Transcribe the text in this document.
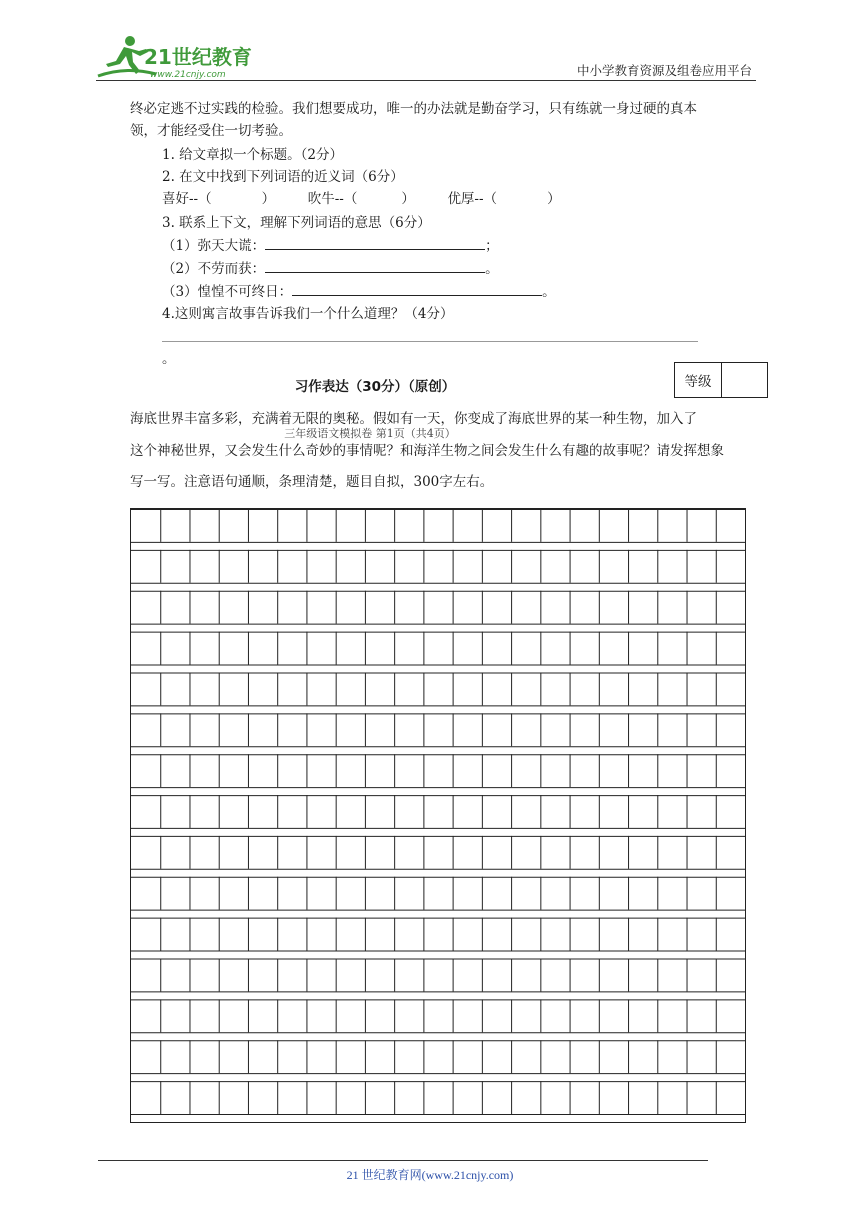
21世纪教育
www.21cnjy.com	中小学教育资源及组卷应用平台
终必定逃不过实践的检验。我们想要成功，唯一的办法就是勤奋学习，只有练就一身过硬的真本
领，才能经受住一切考验。
1. 给文章拟一个标题。（2分）
2. 在文中找到下列词语的近义词（6分）
喜好--（	） 吹牛--（	） 优厚--（	）
3. 联系上下文，理解下列词语的意思（6分）
（1）弥天大谎：	；
（2）不劳而获：	。
（3）惶惶不可终日：	。
4.这则寓言故事告诉我们一个什么道理？（4分）
。
习作表达（30分）（原创）	等级
海底世界丰富多彩，充满着无限的奥秘。假如有一天，你变成了海底世界的某一种生物，加入了
三年级语文模拟卷 第1页（共4页）
这个神秘世界，又会发生什么奇妙的事情呢？和海洋生物之间会发生什么有趣的故事呢？请发挥想象
写一写。注意语句通顺，条理清楚，题目自拟，300字左右。
21 世纪教育网(www.21cnjy.com)
